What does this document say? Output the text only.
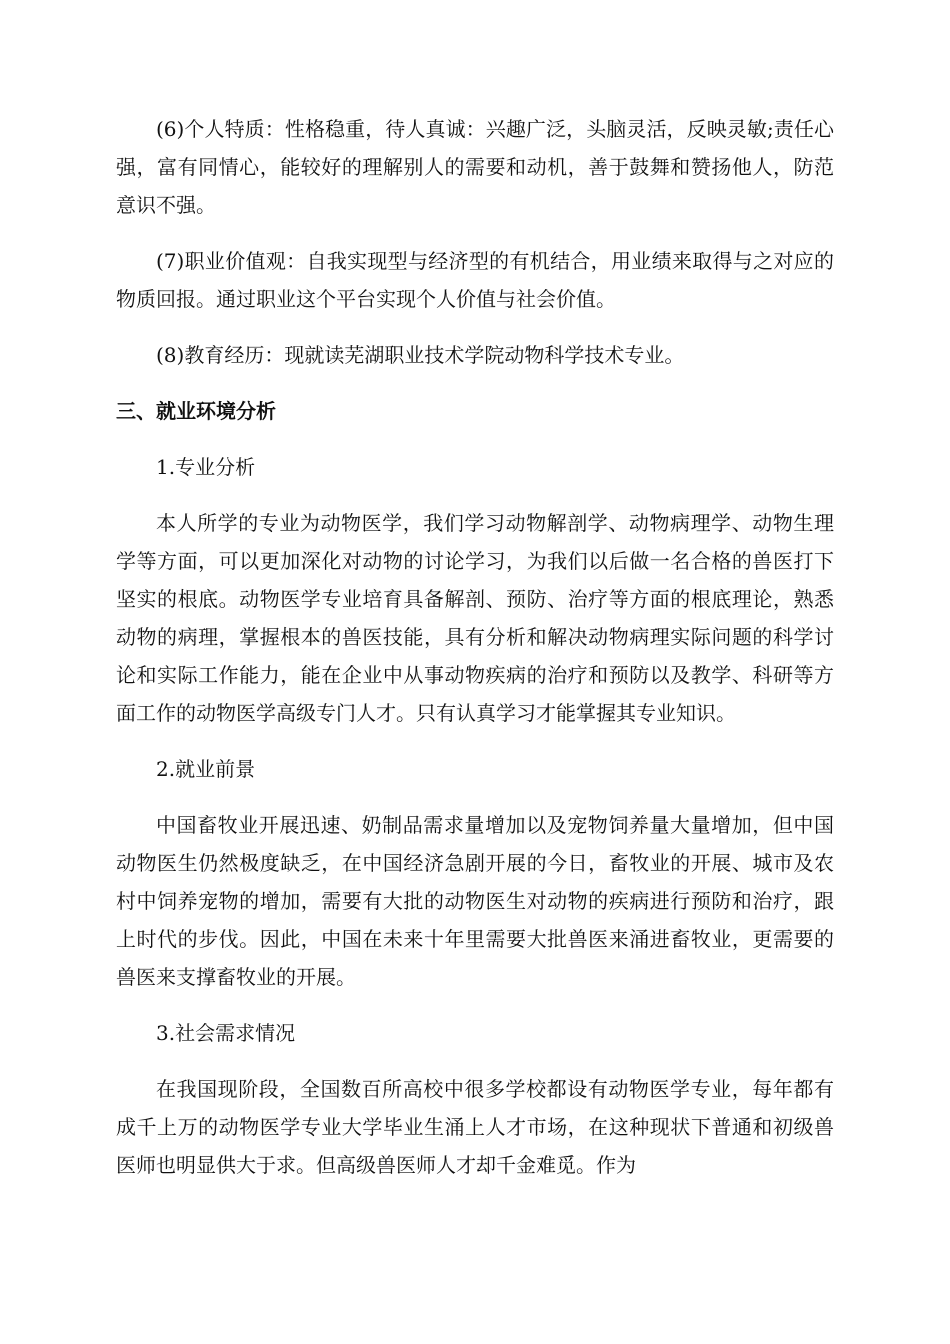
(6)个人特质：性格稳重，待人真诚：兴趣广泛，头脑灵活，反映灵敏;责任心强，富有同情心，能较好的理解别人的需要和动机，善于鼓舞和赞扬他人，防范意识不强。

(7)职业价值观：自我实现型与经济型的有机结合，用业绩来取得与之对应的物质回报。通过职业这个平台实现个人价值与社会价值。

(8)教育经历：现就读芜湖职业技术学院动物科学技术专业。

三、就业环境分析

1.专业分析

本人所学的专业为动物医学，我们学习动物解剖学、动物病理学、动物生理学等方面，可以更加深化对动物的讨论学习，为我们以后做一名合格的兽医打下坚实的根底。动物医学专业培育具备解剖、预防、治疗等方面的根底理论，熟悉动物的病理，掌握根本的兽医技能，具有分析和解决动物病理实际问题的科学讨论和实际工作能力，能在企业中从事动物疾病的治疗和预防以及教学、科研等方面工作的动物医学高级专门人才。只有认真学习才能掌握其专业知识。

2.就业前景

中国畜牧业开展迅速、奶制品需求量增加以及宠物饲养量大量增加，但中国动物医生仍然极度缺乏，在中国经济急剧开展的今日，畜牧业的开展、城市及农村中饲养宠物的增加，需要有大批的动物医生对动物的疾病进行预防和治疗，跟上时代的步伐。因此，中国在未来十年里需要大批兽医来涌进畜牧业，更需要的兽医来支撑畜牧业的开展。

3.社会需求情况

在我国现阶段，全国数百所高校中很多学校都设有动物医学专业，每年都有成千上万的动物医学专业大学毕业生涌上人才市场，在这种现状下普通和初级兽医师也明显供大于求。但高级兽医师人才却千金难觅。作为
